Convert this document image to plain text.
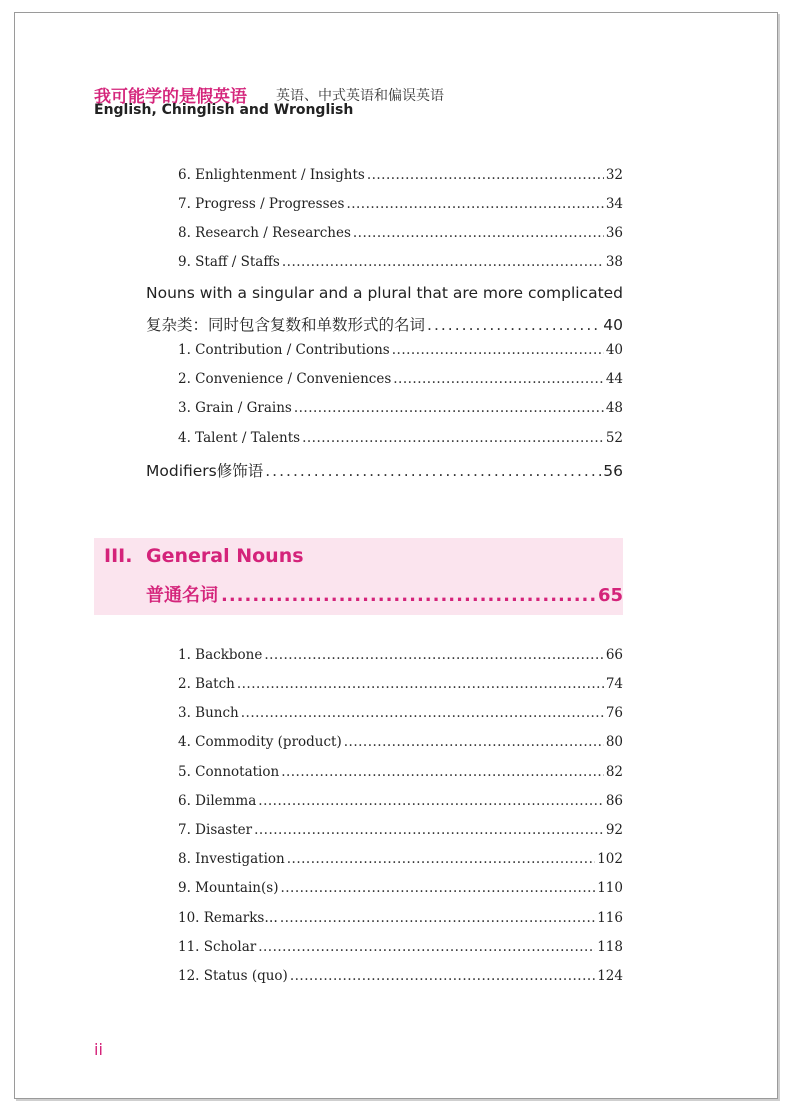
我可能学的是假英语 英语、中式英语和偏误英语
English, Chinglish and Wronglish
6. Enlightenment / Insights .....	32
7. Progress / Progresses .....	34
8. Research / Researches .....	36
9. Staff / Staffs .....	38
Nouns with a singular and a plural that are more complicated
复杂类：同时包含复数和单数形式的名词 .....	40
1. Contribution / Contributions .....	40
2. Convenience / Conveniences .....	44
3. Grain / Grains .....	48
4. Talent / Talents .....	52
Modifiers修饰语 .....	56
III. General Nouns
普通名词 .....	65
1. Backbone .....	66
2. Batch .....	74
3. Bunch .....	76
4. Commodity (product) .....	80
5. Connotation .....	82
6. Dilemma .....	86
7. Disaster .....	92
8. Investigation .....	102
9. Mountain(s) .....	110
10. Remarks… .....	116
11. Scholar .....	118
12. Status (quo) .....	124
ii
